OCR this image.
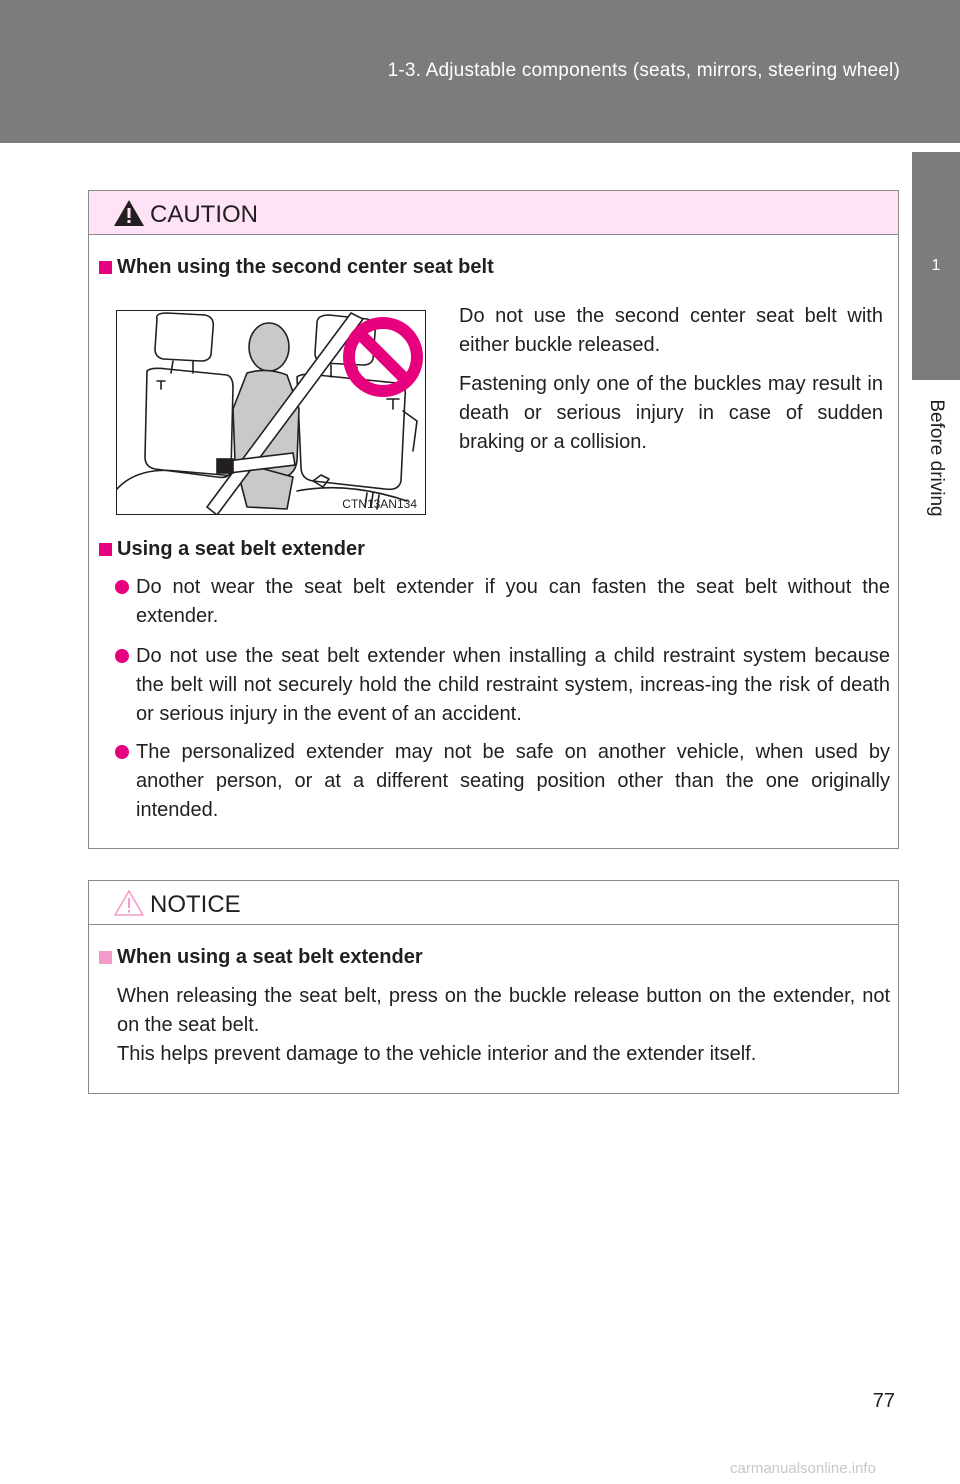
1-3. Adjustable components (seats, mirrors, steering wheel)
1
Before driving
CAUTION
When using the second center seat belt
CTN13AN134
Do not use the second center seat belt with either buckle released.
Fastening only one of the buckles may result in death or serious injury in case of sudden braking or a collision.
Using a seat belt extender
Do not wear the seat belt extender if you can fasten the seat belt without the extender.
Do not use the seat belt extender when installing a child restraint system because the belt will not securely hold the child restraint system, increas-ing the risk of death or serious injury in the event of an accident.
The personalized extender may not be safe on another vehicle, when used by another person, or at a different seating position other than the one originally intended.
NOTICE
When using a seat belt extender
When releasing the seat belt, press on the buckle release button on the extender, not on the seat belt.
This helps prevent damage to the vehicle interior and the extender itself.
77
carmanualsonline.info
